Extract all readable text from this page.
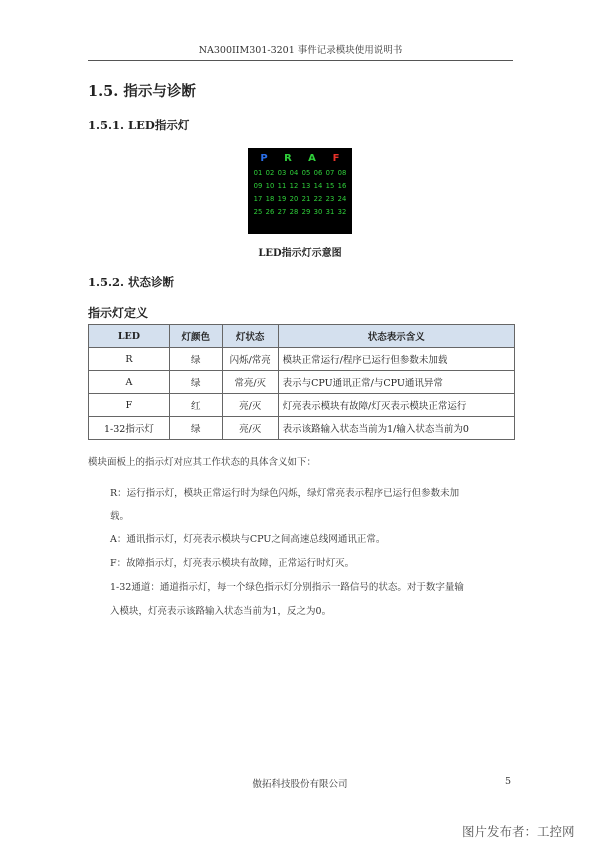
NA300IIM301-3201 事件记录模块使用说明书
1.5. 指示与诊断
1.5.1. LED指示灯
P R A F
01 02 03 04 05 06 07 08
09 10 11 12 13 14 15 16
17 18 19 20 21 22 23 24
25 26 27 28 29 30 31 32
LED指示灯示意图
1.5.2. 状态诊断
指示灯定义
LED	灯颜色	灯状态	状态表示含义
R	绿	闪烁/常亮	模块正常运行/程序已运行但参数未加载
A	绿	常亮/灭	表示与CPU通讯正常/与CPU通讯异常
F	红	亮/灭	灯亮表示模块有故障/灯灭表示模块正常运行
1-32指示灯	绿	亮/灭	表示该路输入状态当前为1/输入状态当前为0
模块面板上的指示灯对应其工作状态的具体含义如下：
R：运行指示灯，模块正常运行时为绿色闪烁，绿灯常亮表示程序已运行但参数未加
载。
A：通讯指示灯，灯亮表示模块与CPU之间高速总线网通讯正常。
F：故障指示灯，灯亮表示模块有故障，正常运行时灯灭。
1-32通道：通道指示灯，每一个绿色指示灯分别指示一路信号的状态。对于数字量输
入模块，灯亮表示该路输入状态当前为1，反之为0。
傲拓科技股份有限公司	5
图片发布者：工控网
